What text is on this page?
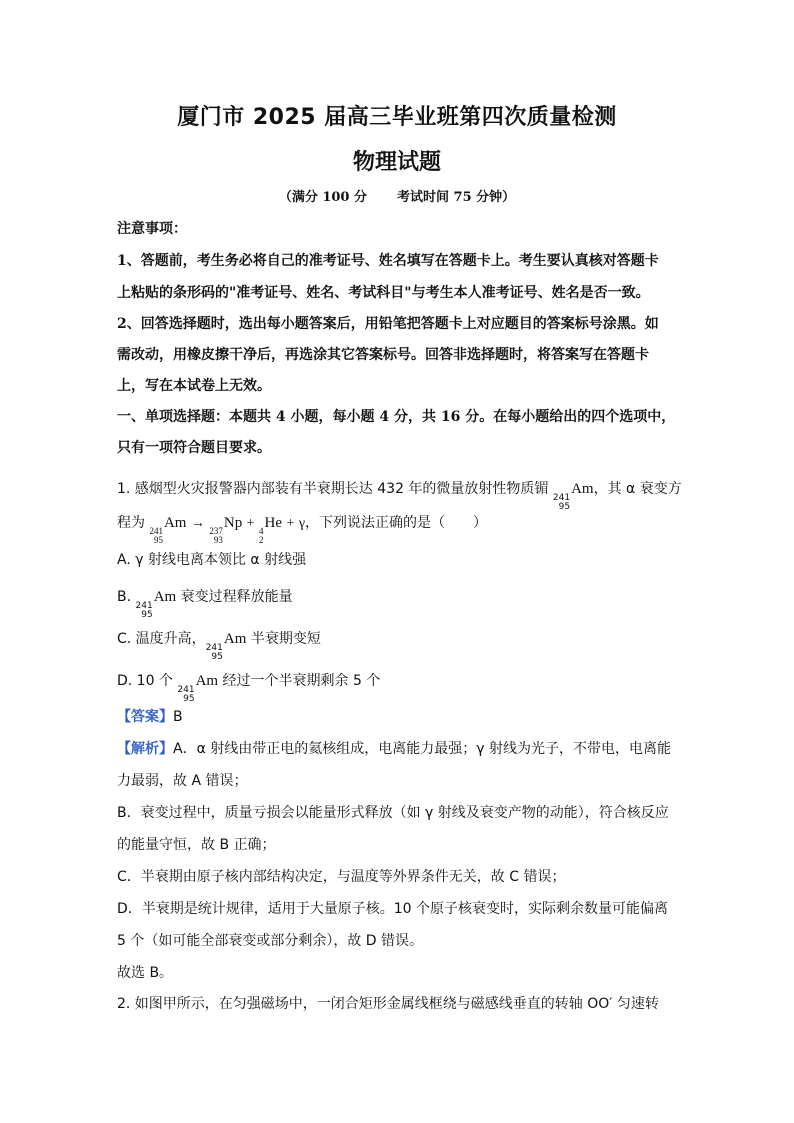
厦门市 2025 届高三毕业班第四次质量检测
物理试题
（满分 100 分 考试时间 75 分钟）
注意事项：
1、答题前，考生务必将自己的准考证号、姓名填写在答题卡上。考生要认真核对答题卡
上粘贴的条形码的"准考证号、姓名、考试科目"与考生本人准考证号、姓名是否一致。
2、回答选择题时，选出每小题答案后，用铅笔把答题卡上对应题目的答案标号涂黑。如
需改动，用橡皮擦干净后，再选涂其它答案标号。回答非选择题时，将答案写在答题卡
上，写在本试卷上无效。
一、单项选择题：本题共 4 小题，每小题 4 分，共 16 分。在每小题给出的四个选项中，
只有一项符合题目要求。
1. 感烟型火灾报警器内部装有半衰期长达 432 年的微量放射性物质镅
241
95
Am，其 α 衰变方
程为 241
95
Am → 237
93
Np + 4
2
He + γ，下列说法正确的是（　　）
A. γ 射线电离本领比 α 射线强
B.
241
95
Am 衰变过程释放能量
C. 温度升高，
241
95
Am 半衰期变短
D. 10 个
241
95
Am 经过一个半衰期剩余 5 个
【答案】B
【解析】A．α 射线由带正电的氦核组成，电离能力最强；γ 射线为光子，不带电，电离能
力最弱，故 A 错误；
B．衰变过程中，质量亏损会以能量形式释放（如 γ 射线及衰变产物的动能），符合核反应
的能量守恒，故 B 正确；
C．半衰期由原子核内部结构决定，与温度等外界条件无关，故 C 错误；
D．半衰期是统计规律，适用于大量原子核。10 个原子核衰变时，实际剩余数量可能偏离
5 个（如可能全部衰变或部分剩余），故 D 错误。
故选 B。
2. 如图甲所示，在匀强磁场中，一闭合矩形金属线框绕与磁感线垂直的转轴 OO′ 匀速转
